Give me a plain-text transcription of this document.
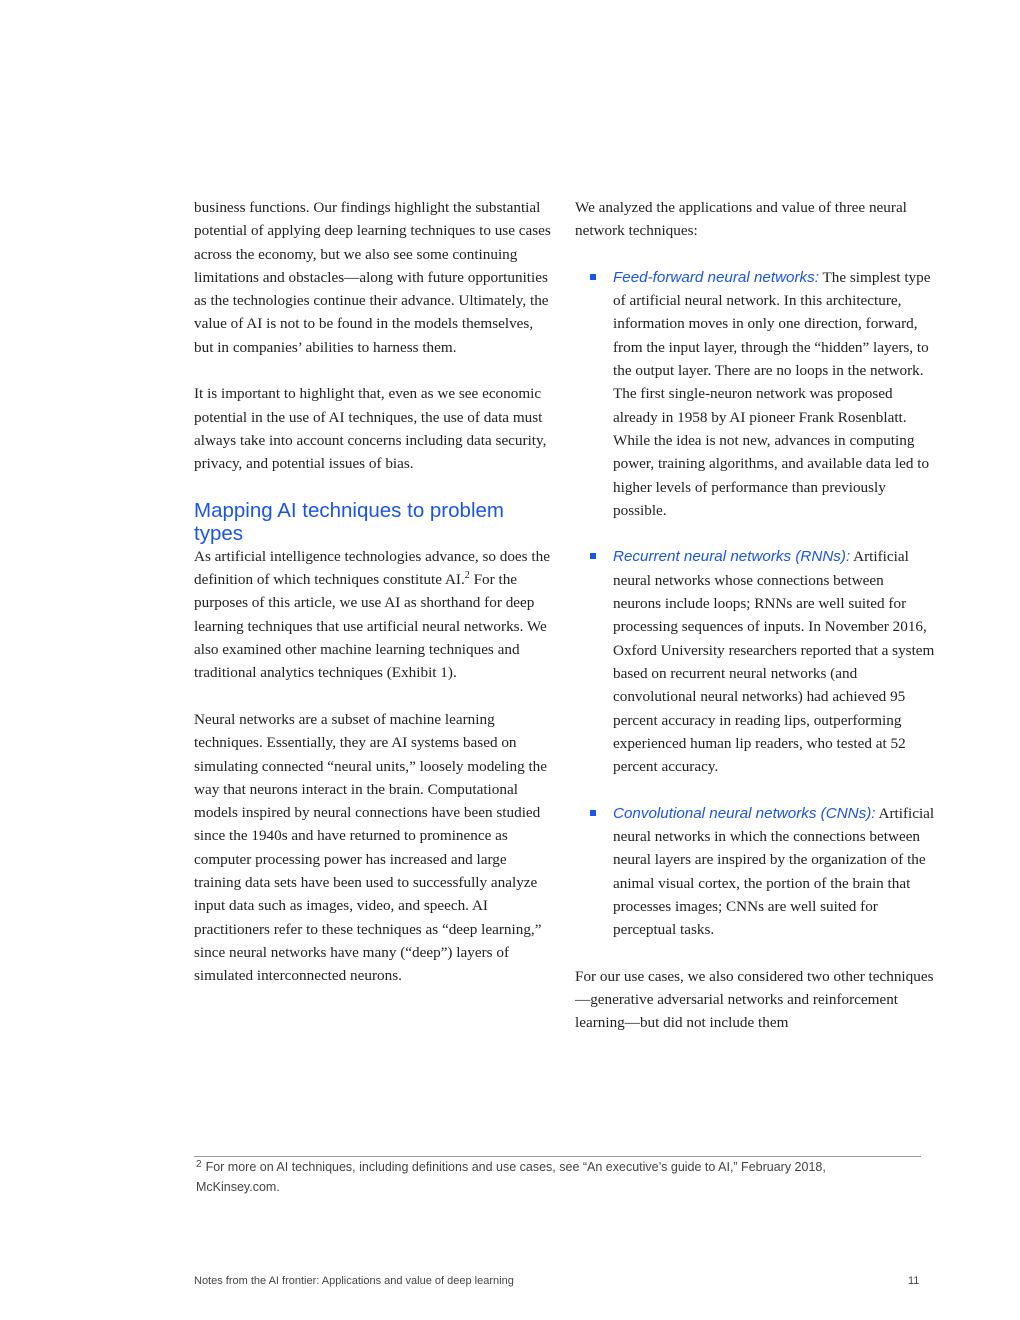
business functions. Our findings highlight the substantial potential of applying deep learning techniques to use cases across the economy, but we also see some continuing limitations and obstacles—along with future opportunities as the technologies continue their advance. Ultimately, the value of AI is not to be found in the models themselves, but in companies’ abilities to harness them.

It is important to highlight that, even as we see economic potential in the use of AI techniques, the use of data must always take into account concerns including data security, privacy, and potential issues of bias.

Mapping AI techniques to problem types

As artificial intelligence technologies advance, so does the definition of which techniques constitute AI.$^2$ For the purposes of this article, we use AI as shorthand for deep learning techniques that use artificial neural networks. We also examined other machine learning techniques and traditional analytics techniques (Exhibit 1).

Neural networks are a subset of machine learning techniques. Essentially, they are AI systems based on simulating connected “neural units,” loosely modeling the way that neurons interact in the brain. Computational models inspired by neural connections have been studied since the 1940s and have returned to prominence as computer processing power has increased and large training data sets have been used to successfully analyze input data such as images, video, and speech. AI practitioners refer to these techniques as “deep learning,” since neural networks have many (“deep”) layers of simulated interconnected neurons.

We analyzed the applications and value of three neural network techniques:

Feed-forward neural networks: The simplest type of artificial neural network. In this architecture, information moves in only one direction, forward, from the input layer, through the “hidden” layers, to the output layer. There are no loops in the network. The first single-neuron network was proposed already in 1958 by AI pioneer Frank Rosenblatt. While the idea is not new, advances in computing power, training algorithms, and available data led to higher levels of performance than previously possible.
Recurrent neural networks (RNNs): Artificial neural networks whose connections between neurons include loops; RNNs are well suited for processing sequences of inputs. In November 2016, Oxford University researchers reported that a system based on recurrent neural networks (and convolutional neural networks) had achieved 95 percent accuracy in reading lips, outperforming experienced human lip readers, who tested at 52 percent accuracy.
Convolutional neural networks (CNNs): Artificial neural networks in which the connections between neural layers are inspired by the organization of the animal visual cortex, the portion of the brain that processes images; CNNs are well suited for perceptual tasks.

For our use cases, we also considered two other techniques—generative adversarial networks and reinforcement learning—but did not include them

$^2$ For more on AI techniques, including definitions and use cases, see “An executive’s guide to AI,” February 2018, McKinsey.com.
Notes from the AI frontier: Applications and value of deep learning	11
